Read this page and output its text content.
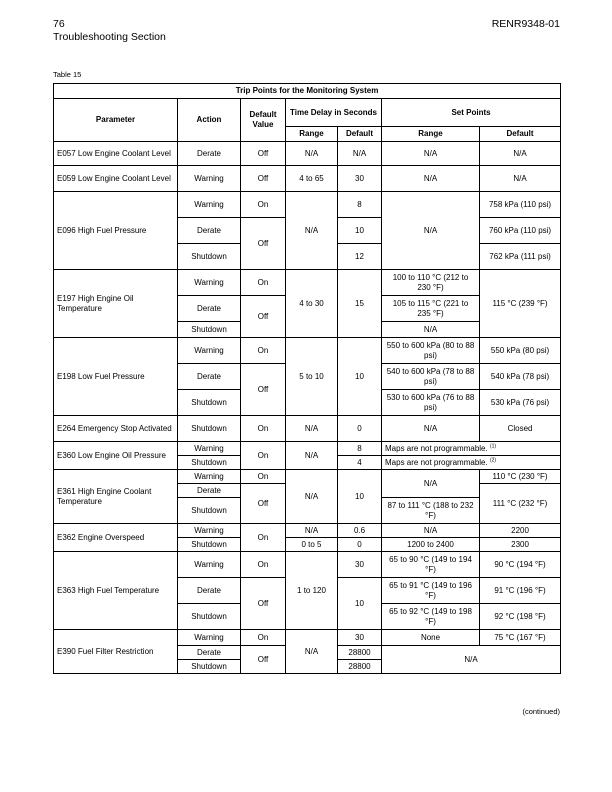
76
Troubleshooting Section
RENR9348-01
Table 15
Trip Points for the Monitoring System						
Parameter	Action	Default Value	Time Delay in Seconds		Set Points	
			Range	Default	Range	Default
E057 Low Engine Coolant Level	Derate	Off	N/A	N/A	N/A	N/A
E059 Low Engine Coolant Level	Warning	Off	4 to 65	30	N/A	N/A
E096 High Fuel Pressure	Warning	On	N/A	8	N/A	758 kPa (110 psi)
	Derate	Off		10		760 kPa (110 psi)
	Shutdown			12		762 kPa (111 psi)
E197 High Engine Oil Temperature	Warning	On	4 to 30	15	100 to 110 °C (212 to 230 °F)	115 °C (239 °F)
	Derate	Off			105 to 115 °C (221 to 235 °F)	
	Shutdown				N/A	
E198 Low Fuel Pressure	Warning	On	5 to 10	10	550 to 600 kPa (80 to 88 psi)	550 kPa (80 psi)
	Derate	Off			540 to 600 kPa (78 to 88 psi)	540 kPa (78 psi)
	Shutdown				530 to 600 kPa (76 to 88 psi)	530 kPa (76 psi)
E264 Emergency Stop Activated	Shutdown	On	N/A	0	N/A	Closed
E360 Low Engine Oil Pressure	Warning	On	N/A	8	Maps are not programmable. $^{(1)}$
	Shutdown			4	Maps are not programmable. $^{(2)}$
E361 High Engine Coolant Temperature	Warning	On	N/A	10	N/A	110 °C (230 °F)
	Derate	Off				111 °C (232 °F)
	Shutdown				87 to 111 °C (188 to 232 °F)	
E362 Engine Overspeed	Warning	On	N/A	0.6	N/A	2200
	Shutdown		0 to 5	0	1200 to 2400	2300
E363 High Fuel Temperature	Warning	On	1 to 120	30	65 to 90 °C (149 to 194 °F)	90 °C (194 °F)
	Derate	Off		10	65 to 91 °C (149 to 196 °F)	91 °C (196 °F)
	Shutdown				65 to 92 °C (149 to 198 °F)	92 °C (198 °F)
E390 Fuel Filter Restriction	Warning	On	N/A	30	None	75 °C (167 °F)
	Derate	Off		28800	N/A	
	Shutdown			28800		
(continued)
